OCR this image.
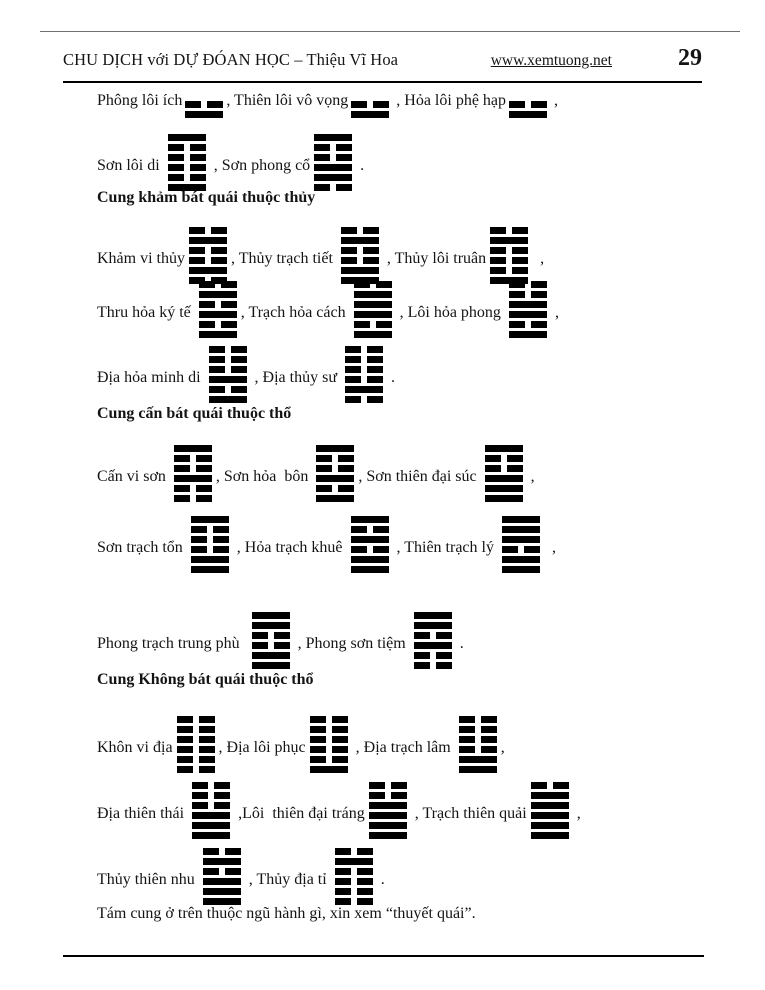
CHU DỊCH với DỰ ĐÓAN HỌC – Thiệu Vĩ Hoa	www.xemtuong.net	29
Phông lôi ích	, Thiên lôi vô vọng	, Hỏa lôi phệ hạp	,
Sơn lôi di	, Sơn phong cổ	.
Cung khảm bát quái thuộc thủy
Khảm vi thủy	, Thủy trạch tiết	, Thủy lôi truân	,
Thru hỏa ký tế	, Trạch hỏa cách	, Lôi hỏa phong	,
Địa hỏa minh di	, Địa thủy sư	.
Cung cấn bát quái thuộc thổ
Cấn vi sơn	, Sơn hỏa  bôn	, Sơn thiên đại súc	,
Sơn trạch tổn	, Hỏa trạch khuê	, Thiên trạch lý	,
Phong trạch trung phù	, Phong sơn tiệm	.
Cung Không bát quái thuộc thổ
Khôn vi địa	, Địa lôi phục	, Địa trạch lâm	,
Địa thiên thái	,Lôi  thiên đại tráng	, Trạch thiên quải	,
Thủy thiên nhu	, Thủy địa tỉ	.
Tám cung ở trên thuộc ngũ hành gì, xin xem “thuyết quái”.
